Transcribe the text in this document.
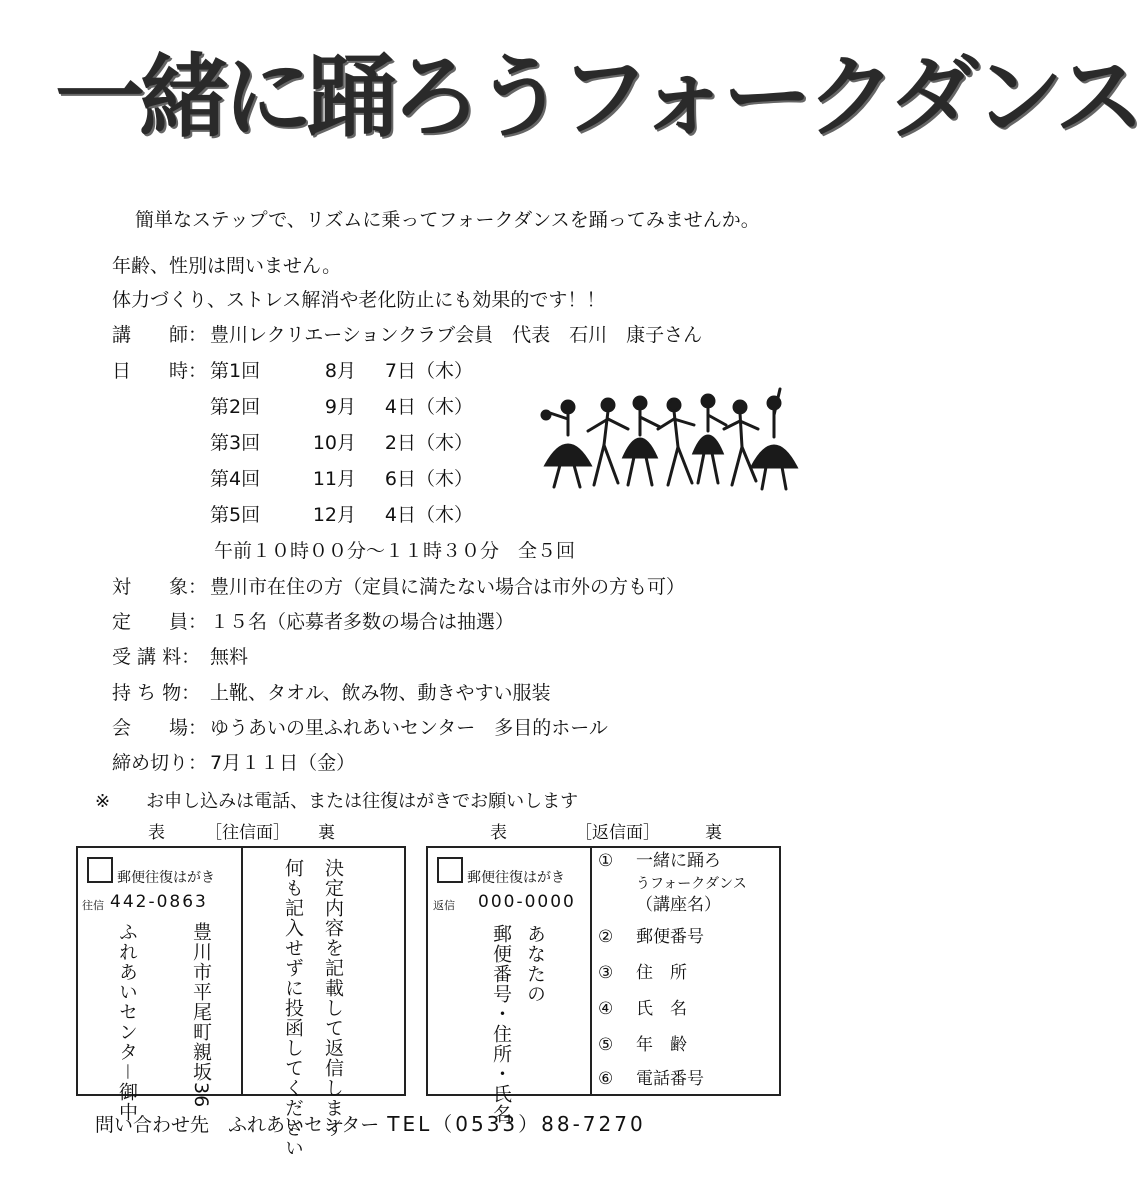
一緒に踊ろうフォークダンス
簡単なステップで、リズムに乗ってフォークダンスを踊ってみませんか。
年齢、性別は問いません。
体力づくり、ストレス解消や老化防止にも効果的です！！
講　　師： 豊川レクリエーションクラブ会員　代表　石川　康子さん
日　　時： 第1回	8月 7日（木）
第2回	9月 4日（木）
第3回	10月 2日（木）
第4回	11月 6日（木）
第5回	12月 4日（木）
午前１０時００分～１１時３０分　全５回
対　　象： 豊川市在住の方（定員に満たない場合は市外の方も可）
定　　員： １５名（応募者多数の場合は抽選）
受 講 料： 無料
持 ち 物： 上靴、タオル、飲み物、動きやすい服装
会　　場： ゆうあいの里ふれあいセンター　多目的ホール
締め切り： 7月１１日（金）
※　　お申し込みは電話、または往復はがきでお願いします
表 ［往信面］ 裏
郵便往復はがき
往信 442-0863
豊川市平尾町親坂36
ふれあいセンタ－御中	決定内容を記載して返信します
何も記入せずに投函してください
表	［返信面］	裏
郵便往復はがき
返信 000-0000
あなたの
郵便番号・住所・氏名
① 一緒に踊ろ
うフォークダンス
（講座名）
② 郵便番号
③ 住　所
④ 氏　名
⑤ 年　齢
⑥ 電話番号
問い合わせ先　ふれあいセンター TEL（0533）88-7270
